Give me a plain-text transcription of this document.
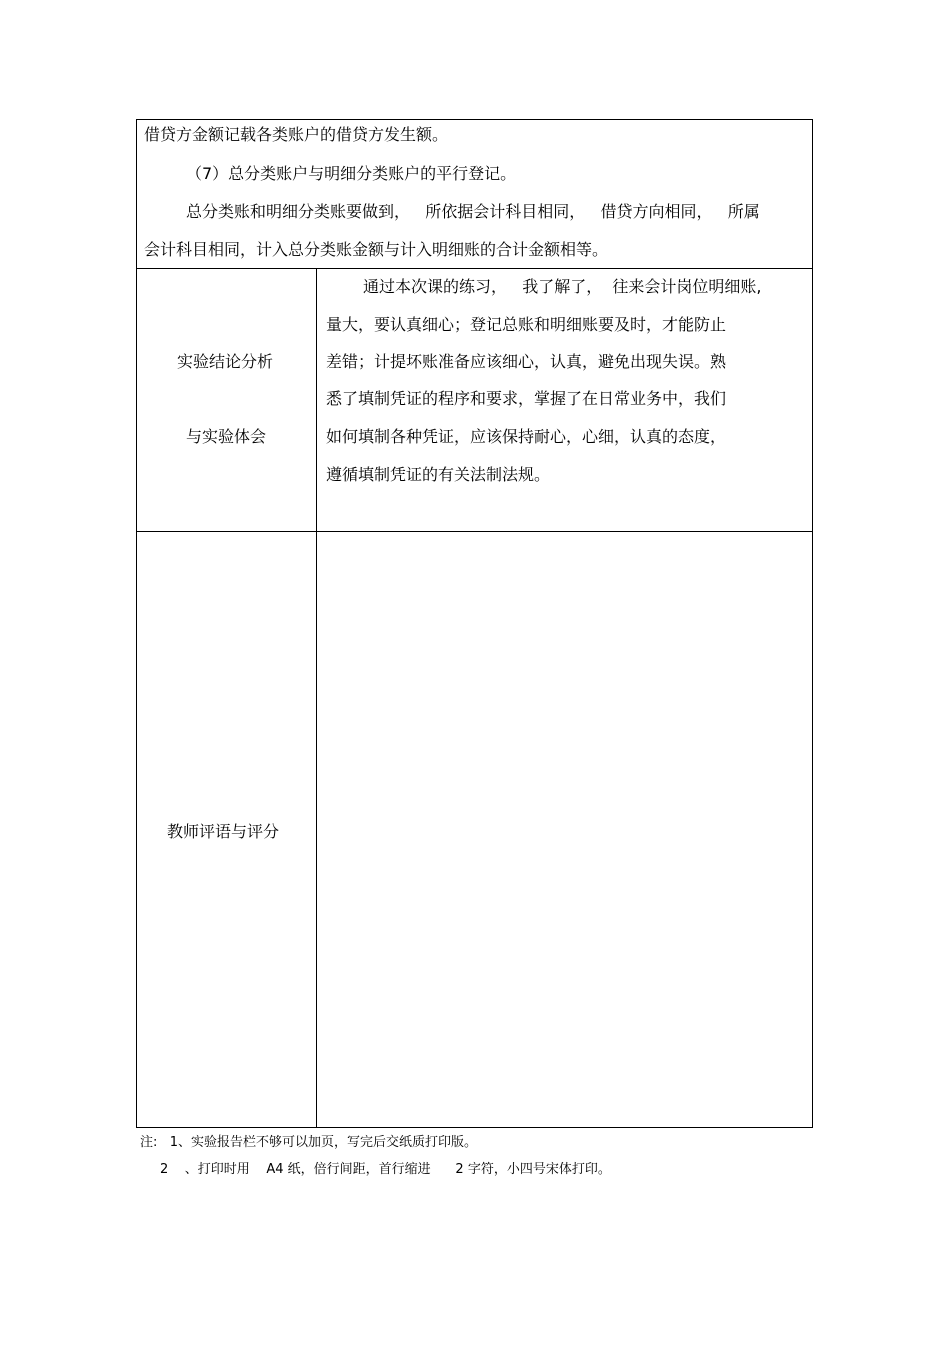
借贷方金额记载各类账户的借贷方发生额。
（7）总分类账户与明细分类账户的平行登记。
总分类账和明细分类账要做到，   所依据会计科目相同，   借贷方向相同，   所属
会计科目相同，计入总分类账金额与计入明细账的合计金额相等。
实验结论分析
与实验体会
通过本次课的练习，   我了解了，  往来会计岗位明细账,
量大，要认真细心；登记总账和明细账要及时，才能防止
差错；计提坏账准备应该细心，认真，避免出现失误。熟
悉了填制凭证的程序和要求，掌握了在日常业务中，我们
如何填制各种凭证，应该保持耐心，心细，认真的态度，
遵循填制凭证的有关法制法规。
教师评语与评分
注:   1、实验报告栏不够可以加页，写完后交纸质打印版。
2    、打印时用    A4 纸，倍行间距，首行缩进      2 字符，小四号宋体打印。
